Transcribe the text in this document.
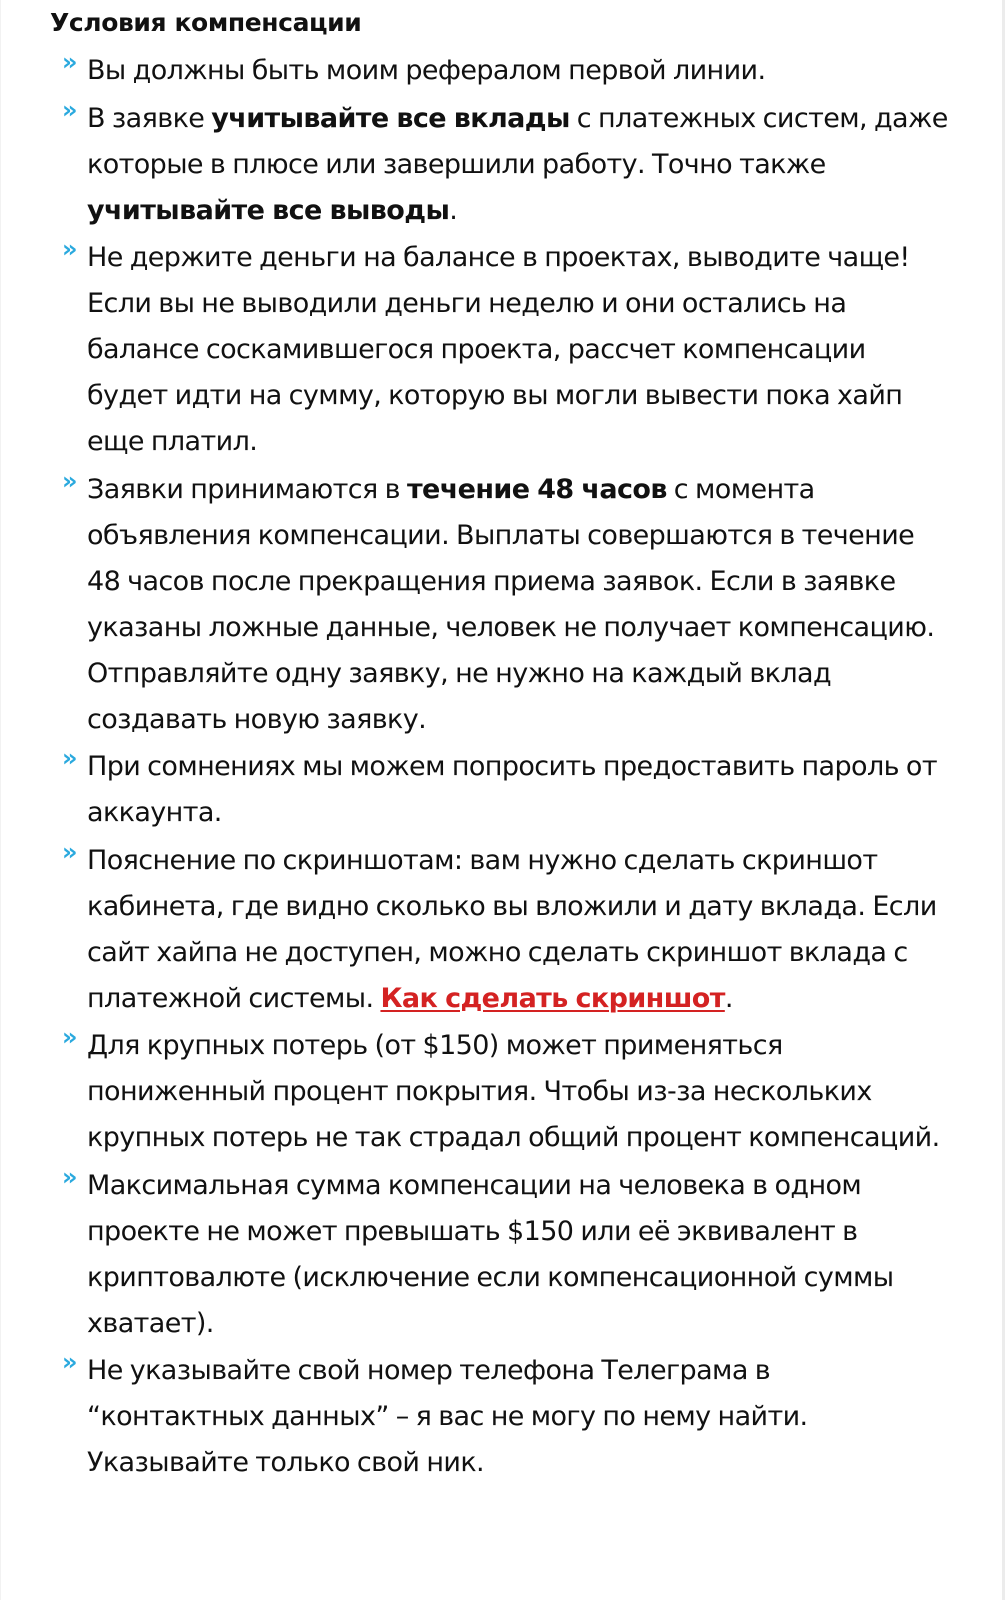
Условия компенсации
» Вы должны быть моим рефералом первой линии.
» В заявке учитывайте все вклады с платежных систем, даже которые в плюсе или завершили работу. Точно также учитывайте все выводы.
» Не держите деньги на балансе в проектах, выводите чаще! Если вы не выводили деньги неделю и они остались на балансе соскамившегося проекта, рассчет компенсации будет идти на сумму, которую вы могли вывести пока хайп еще платил.
» Заявки принимаются в течение 48 часов с момента объявления компенсации. Выплаты совершаются в течение 48 часов после прекращения приема заявок. Если в заявке указаны ложные данные, человек не получает компенсацию. Отправляйте одну заявку, не нужно на каждый вклад создавать новую заявку.
» При сомнениях мы можем попросить предоставить пароль от аккаунта.
» Пояснение по скриншотам: вам нужно сделать скриншот кабинета, где видно сколько вы вложили и дату вклада. Если сайт хайпа не доступен, можно сделать скриншот вклада с платежной системы. Как сделать скриншот.
» Для крупных потерь (от $150) может применяться пониженный процент покрытия. Чтобы из-за нескольких крупных потерь не так страдал общий процент компенсаций.
» Максимальная сумма компенсации на человека в одном проекте не может превышать $150 или её эквивалент в криптовалюте (исключение если компенсационной суммы хватает).
» Не указывайте свой номер телефона Телеграма в “контактных данных” – я вас не могу по нему найти. Указывайте только свой ник.
